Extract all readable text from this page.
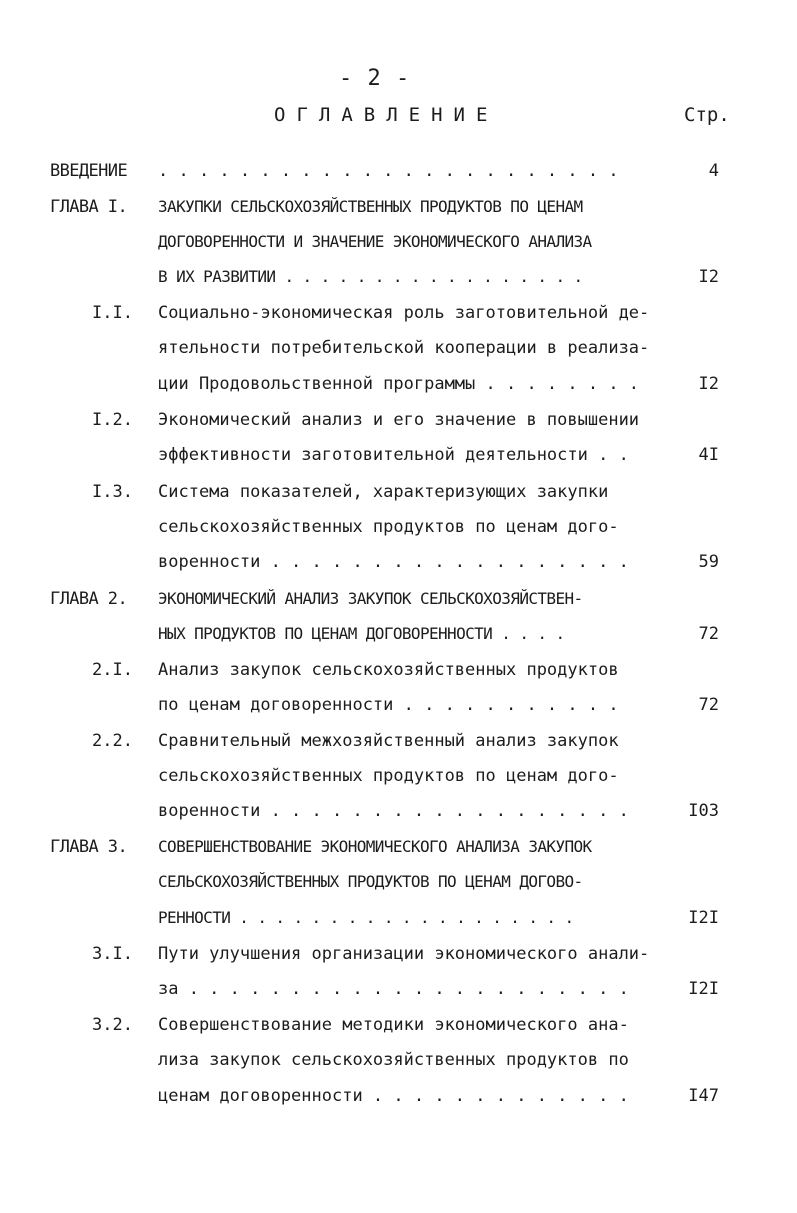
- 2 -
ОГЛАВЛЕНИЕ	Стр.
ВВЕДЕНИЕ . . . . . . . . . . . . . . . . . . . . . . .	4
ГЛАВА I. ЗАКУПКИ СЕЛЬСКОХОЗЯЙСТВЕННЫХ ПРОДУКТОВ ПО ЦЕНАМ
ДОГОВОРЕННОСТИ И ЗНАЧЕНИЕ ЭКОНОМИЧЕСКОГО АНАЛИЗА
В ИХ РАЗВИТИИ . . . . . . . . . . . . . . . . .	I2
I.I. Социально-экономическая роль заготовительной де-
ятельности потребительской кооперации в реализа-
ции Продовольственной программы . . . . . . . .	I2
I.2. Экономический анализ и его значение в повышении
эффективности заготовительной деятельности . .	4I
I.3. Система показателей, характеризующих закупки
сельскохозяйственных продуктов по ценам дого-
воренности . . . . . . . . . . . . . . . . . .	59
ГЛАВА 2. ЭКОНОМИЧЕСКИЙ АНАЛИЗ ЗАКУПОК СЕЛЬСКОХОЗЯЙСТВЕН-
НЫХ ПРОДУКТОВ ПО ЦЕНАМ ДОГОВОРЕННОСТИ . . . .	72
2.I. Анализ закупок сельскохозяйственных продуктов
по ценам договоренности . . . . . . . . . . .	72
2.2. Сравнительный межхозяйственный анализ закупок
сельскохозяйственных продуктов по ценам дого-
воренности . . . . . . . . . . . . . . . . . .	I03
ГЛАВА 3. СОВЕРШЕНСТВОВАНИЕ ЭКОНОМИЧЕСКОГО АНАЛИЗА ЗАКУПОК
СЕЛЬСКОХОЗЯЙСТВЕННЫХ ПРОДУКТОВ ПО ЦЕНАМ ДОГОВО-
РЕННОСТИ . . . . . . . . . . . . . . . . . . .	I2I
3.I. Пути улучшения организации экономического анали-
за . . . . . . . . . . . . . . . . . . . . . .	I2I
3.2. Совершенствование методики экономического ана-
лиза закупок сельскохозяйственных продуктов по
ценам договоренности . . . . . . . . . . . . .	I47
